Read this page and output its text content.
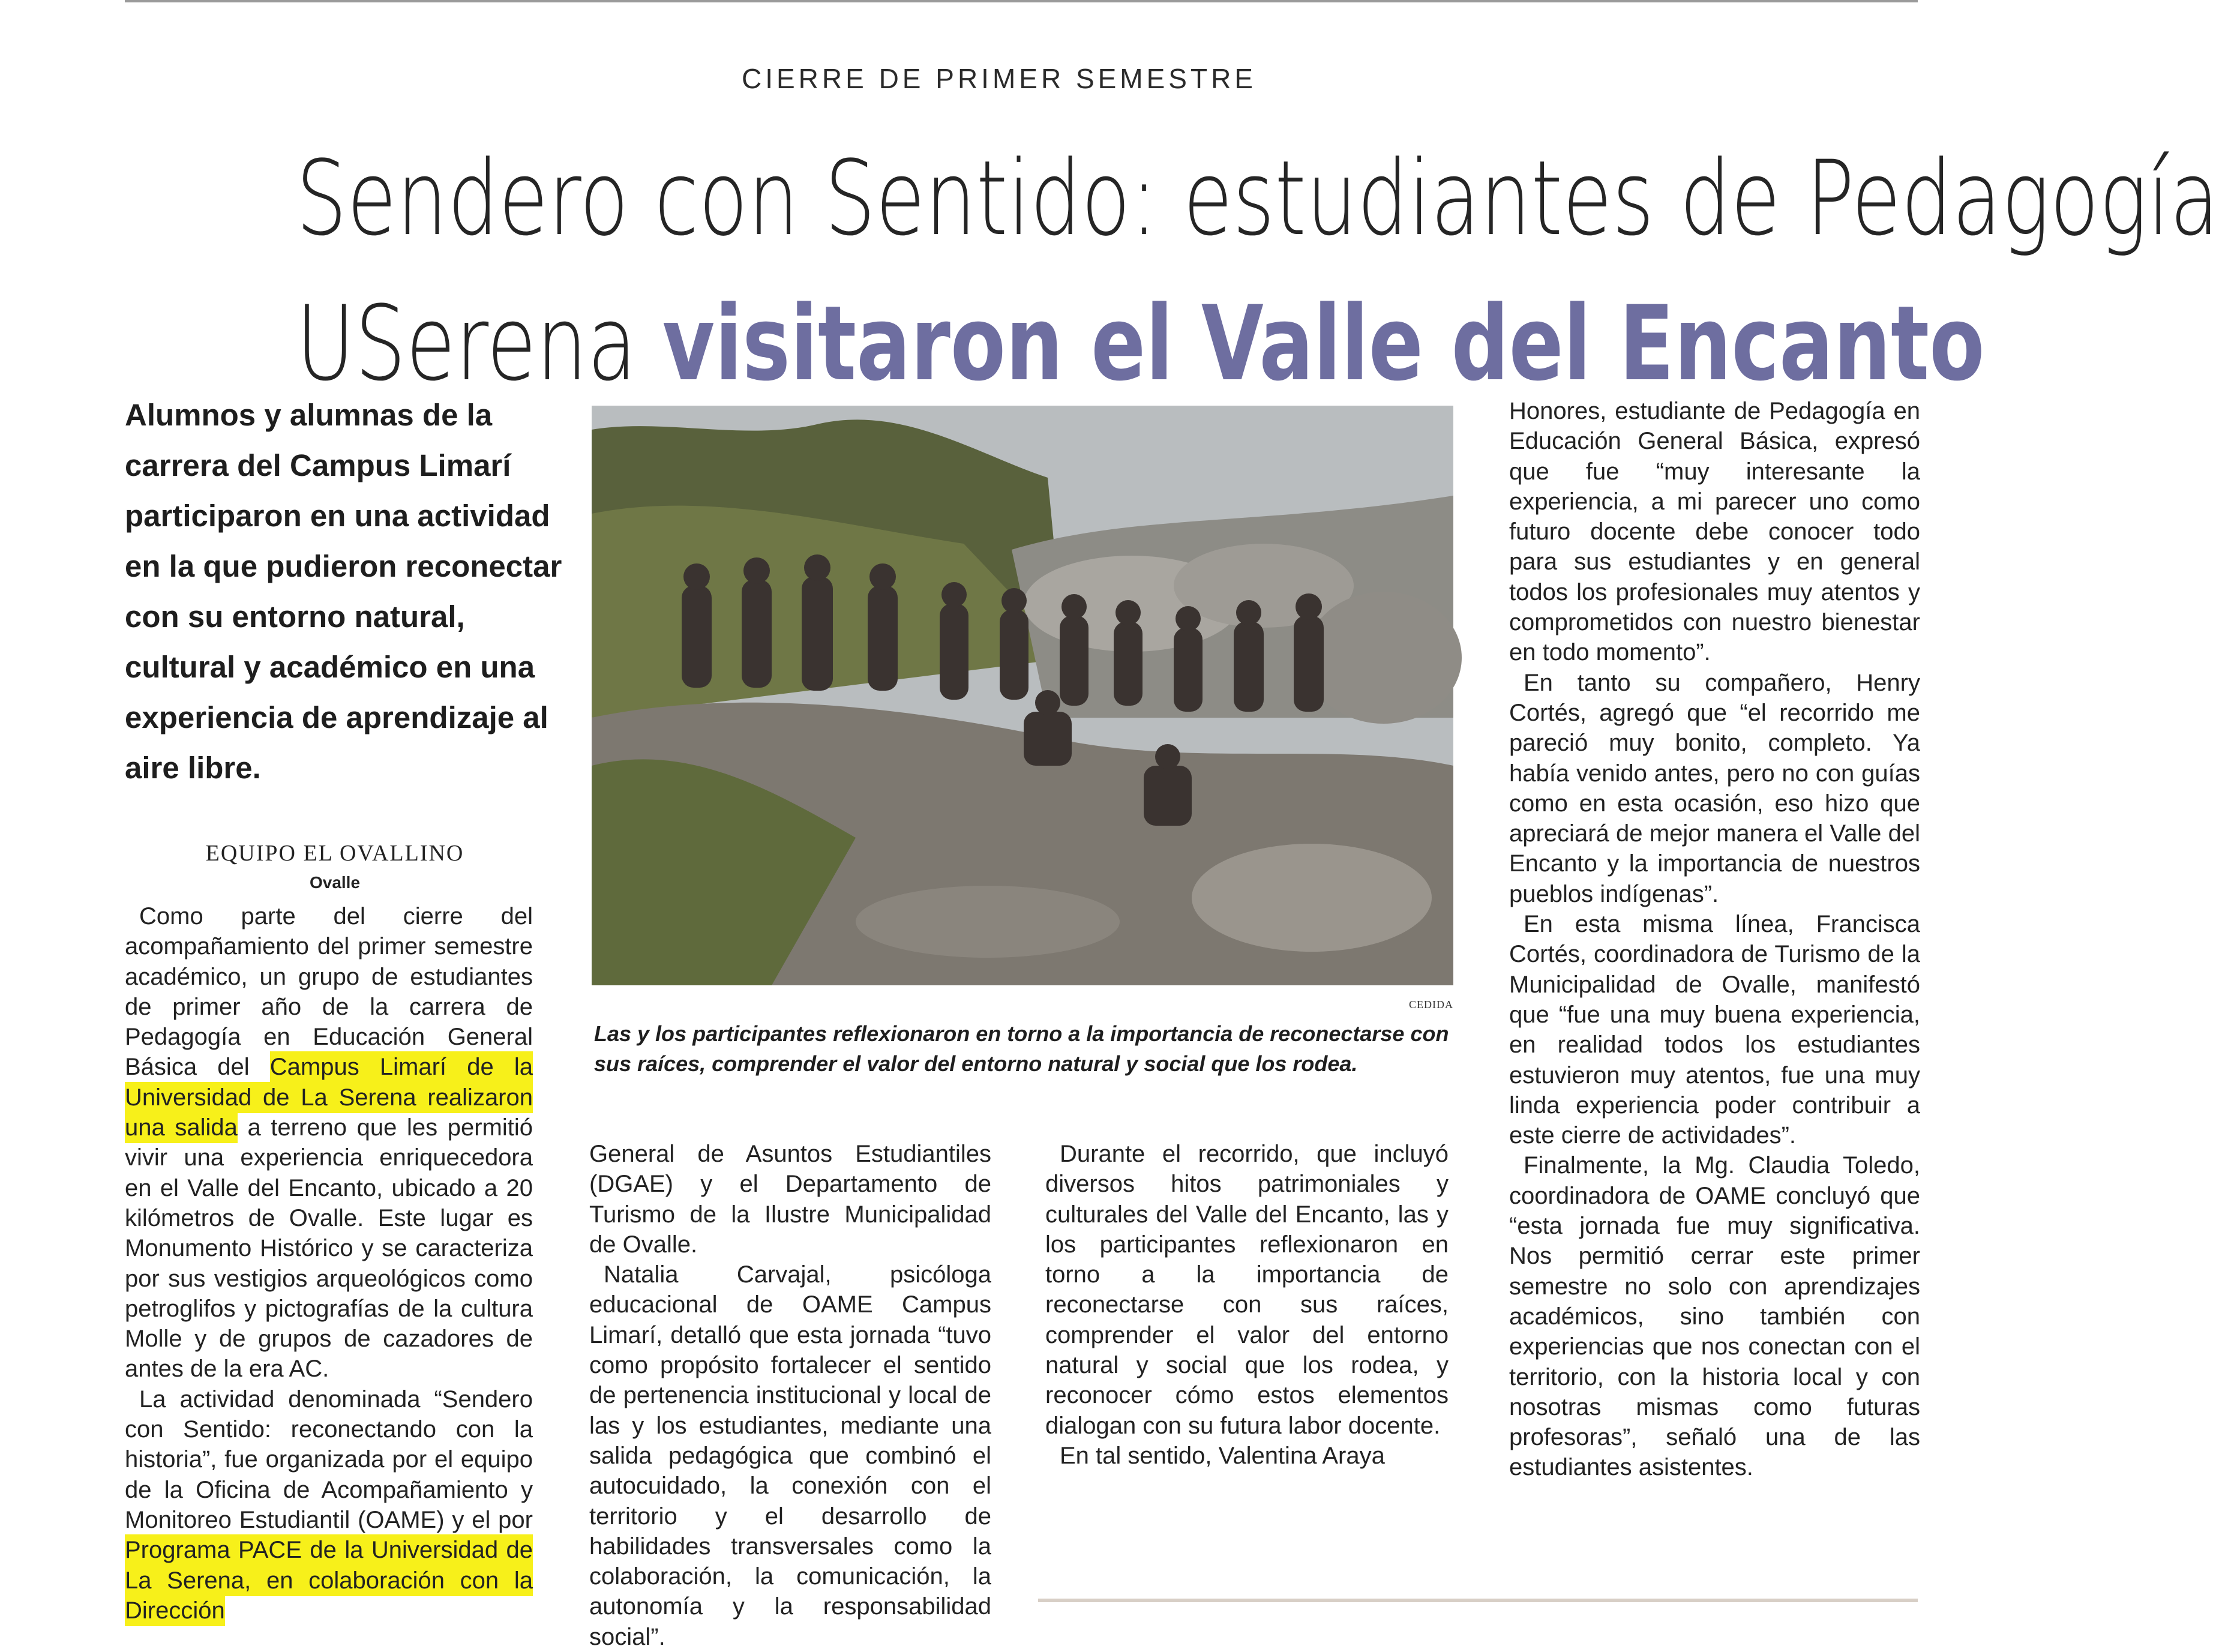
CIERRE DE PRIMER SEMESTRE
Sendero con Sentido: estudiantes de Pedagogía
USerena visitaron el Valle del Encanto
Alumnos y alumnas de la carrera del Campus Limarí participaron en una actividad en la que pudieron reconectar con su entorno natural, cultural y académico en una experiencia de aprendizaje al aire libre.
EQUIPO EL OVALLINO
Ovalle

Como parte del cierre del acompañamiento del primer semestre académico, un grupo de estudiantes de primer año de la carrera de Pedagogía en Educación General Básica del Campus Limarí de la Universidad de La Serena realizaron una salida a terreno que les permitió vivir una experiencia enriquecedora en el Valle del Encanto, ubicado a 20 kilómetros de Ovalle. Este lugar es Monumento Histórico y se caracteriza por sus vestigios arqueológicos como petroglifos y pictografías de la cultura Molle y de grupos de cazadores de antes de la era AC.

La actividad denominada “Sendero con Sentido: reconectando con la historia”, fue organizada por el equipo de la Oficina de Acompañamiento y Monitoreo Estudiantil (OAME) y el por Programa PACE de la Universidad de La Serena, en colaboración con la Dirección

CEDIDA
Las y los participantes reflexionaron en torno a la importancia de reconectarse con sus raíces, comprender el valor del entorno natural y social que los rodea.

General de Asuntos Estudiantiles (DGAE) y el Departamento de Turismo de la Ilustre Municipalidad de Ovalle.

Natalia Carvajal, psicóloga educacional de OAME Campus Limarí, detalló que esta jornada “tuvo como propósito fortalecer el sentido de pertenencia institucional y local de las y los estudiantes, mediante una salida pedagógica que combinó el autocuidado, la conexión con el territorio y el desarrollo de habilidades transversales como la colaboración, la comunicación, la autonomía y la responsabilidad social”.

Durante el recorrido, que incluyó diversos hitos patrimoniales y culturales del Valle del Encanto, las y los participantes reflexionaron en torno a la importancia de reconectarse con sus raíces, comprender el valor del entorno natural y social que los rodea, y reconocer cómo estos elementos dialogan con su futura labor docente.

En tal sentido, Valentina Araya

Honores, estudiante de Pedagogía en Educación General Básica, expresó que fue “muy interesante la experiencia, a mi parecer uno como futuro docente debe conocer todo para sus estudiantes y en general todos los profesionales muy atentos y comprometidos con nuestro bienestar en todo momento”.

En tanto su compañero, Henry Cortés, agregó que “el recorrido me pareció muy bonito, completo. Ya había venido antes, pero no con guías como en esta ocasión, eso hizo que apreciará de mejor manera el Valle del Encanto y la importancia de nuestros pueblos indígenas”.

En esta misma línea, Francisca Cortés, coordinadora de Turismo de la Municipalidad de Ovalle, manifestó que “fue una muy buena experiencia, en realidad todos los estudiantes estuvieron muy atentos, fue una muy linda experiencia poder contribuir a este cierre de actividades”.

Finalmente, la Mg. Claudia Toledo, coordinadora de OAME concluyó que “esta jornada fue muy significativa. Nos permitió cerrar este primer semestre no solo con aprendizajes académicos, sino también con experiencias que nos conectan con el territorio, con la historia local y con nosotras mismas como futuras profesoras”, señaló una de las estudiantes asistentes.
